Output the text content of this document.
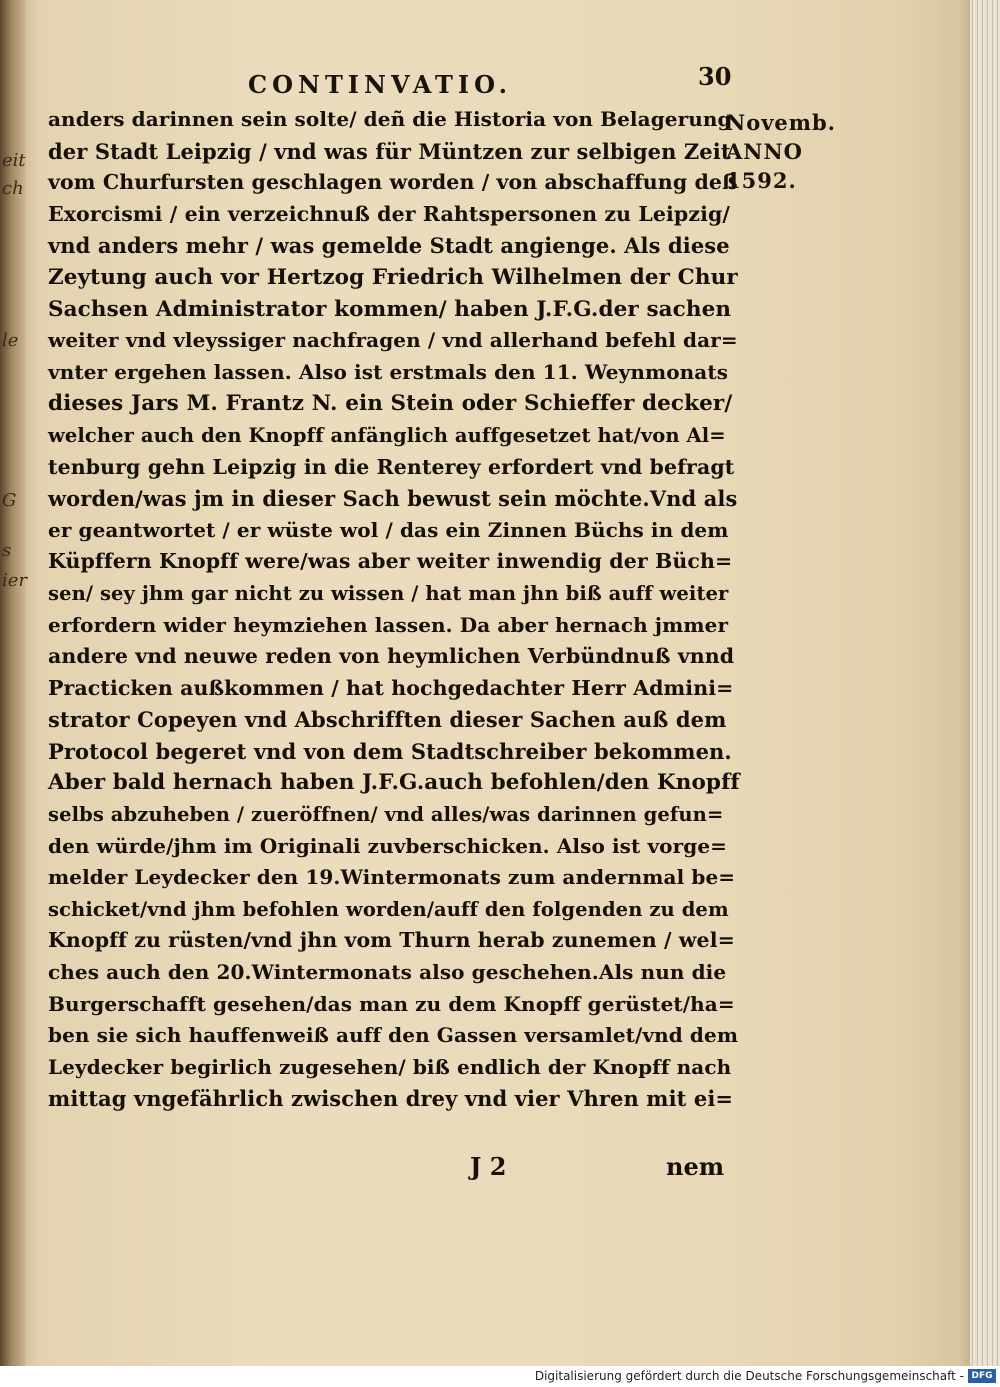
eit
ch
le
G
s
ier
CONTINVATIO.	30
Novemb.
ANNO
1592.
anders darinnen sein solte/ deñ die Historia von Belagerung
der Stadt Leipzig / vnd was für Müntzen zur selbigen Zeit
vom Churfursten geschlagen worden / von abschaffung deß
Exorcismi / ein verzeichnuß der Rahtspersonen zu Leipzig/
vnd anders mehr / was gemelde Stadt angienge. Als diese
Zeytung auch vor Hertzog Friedrich Wilhelmen der Chur
Sachsen Administrator kommen/ haben J.F.G.der sachen
weiter vnd vleyssiger nachfragen / vnd allerhand befehl dar=
vnter ergehen lassen. Also ist erstmals den 11. Weynmonats
dieses Jars M. Frantz N. ein Stein oder Schieffer decker/
welcher auch den Knopff anfänglich auffgesetzet hat/von Al=
tenburg gehn Leipzig in die Renterey erfordert vnd befragt
worden/was jm in dieser Sach bewust sein möchte.Vnd als
er geantwortet / er wüste wol / das ein Zinnen Büchs in dem
Küpffern Knopff were/was aber weiter inwendig der Büch=
sen/ sey jhm gar nicht zu wissen / hat man jhn biß auff weiter
erfordern wider heymziehen lassen. Da aber hernach jmmer
andere vnd neuwe reden von heymlichen Verbündnuß vnnd
Practicken außkommen / hat hochgedachter Herr Admini=
strator Copeyen vnd Abschrifften dieser Sachen auß dem
Protocol begeret vnd von dem Stadtschreiber bekommen.
Aber bald hernach haben J.F.G.auch befohlen/den Knopff
selbs abzuheben / zueröffnen/ vnd alles/was darinnen gefun=
den würde/jhm im Originali zuvberschicken. Also ist vorge=
melder Leydecker den 19.Wintermonats zum andernmal be=
schicket/vnd jhm befohlen worden/auff den folgenden zu dem
Knopff zu rüsten/vnd jhn vom Thurn herab zunemen / wel=
ches auch den 20.Wintermonats also geschehen.Als nun die
Burgerschafft gesehen/das man zu dem Knopff gerüstet/ha=
ben sie sich hauffenweiß auff den Gassen versamlet/vnd dem
Leydecker begirlich zugesehen/ biß endlich der Knopff nach
mittag vngefährlich zwischen drey vnd vier Vhren mit ei=
J 2	nem
Digitalisierung gefördert durch die Deutsche Forschungsgemeinschaft - DFG
